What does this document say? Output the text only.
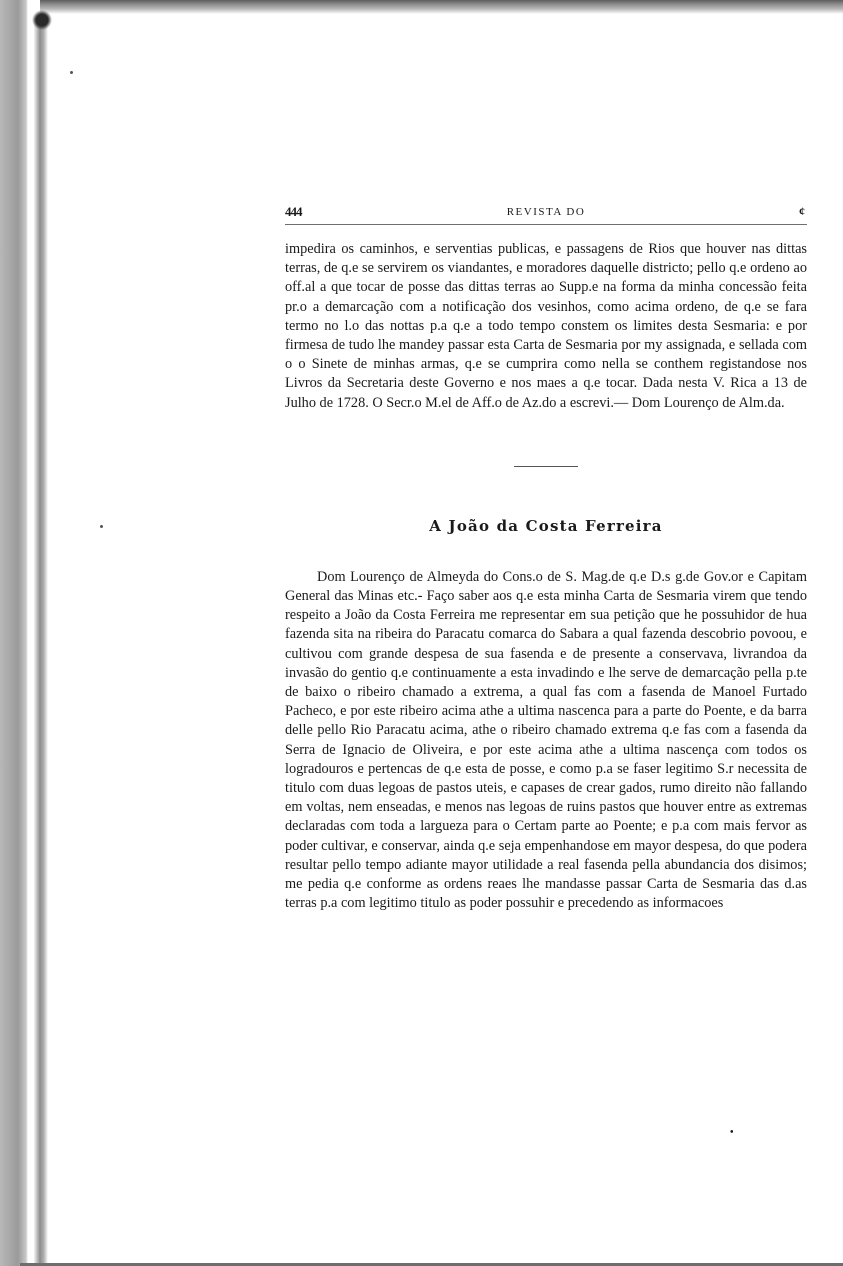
444	REVISTA DO	¢

impedira os caminhos, e serventias publicas, e passagens de Rios que houver nas dittas terras, de q.e se servirem os viandantes, e moradores daquelle districto; pello q.e ordeno ao off.al a que tocar de posse das dittas terras ao Supp.e na forma da minha concessão feita pr.o a demarcação com a notificação dos vesinhos, como acima ordeno, de q.e se fara termo no l.o das nottas p.a q.e a todo tempo constem os limites desta Sesmaria: e por firmesa de tudo lhe mandey passar esta Carta de Sesmaria por my assignada, e sellada com o o Sinete de minhas armas, q.e se cumprira como nella se conthem registandose nos Livros da Secretaria deste Governo e nos maes a q.e tocar. Dada nesta V. Rica a 13 de Julho de 1728. O Secr.o M.el de Aff.o de Az.do a escrevi.— Dom Lourenço de Alm.da.

A João da Costa Ferreira

Dom Lourenço de Almeyda do Cons.o de S. Mag.de q.e D.s g.de Gov.or e Capitam General das Minas etc.- Faço saber aos q.e esta minha Carta de Sesmaria virem que tendo respeito a João da Costa Ferreira me representar em sua petição que he possuhidor de hua fazenda sita na ribeira do Paracatu comarca do Sabara a qual fazenda descobrio povoou, e cultivou com grande despesa de sua fasenda e de presente a conservava, livrandoa da invasão do gentio q.e continuamente a esta invadindo e lhe serve de demarcação pella p.te de baixo o ribeiro chamado a extrema, a qual fas com a fasenda de Manoel Furtado Pacheco, e por este ribeiro acima athe a ultima nascenca para a parte do Poente, e da barra delle pello Rio Paracatu acima, athe o ribeiro chamado extrema q.e fas com a fasenda da Serra de Ignacio de Oliveira, e por este acima athe a ultima nascença com todos os logradouros e pertencas de q.e esta de posse, e como p.a se faser legitimo S.r necessita de titulo com duas legoas de pastos uteis, e capases de crear gados, rumo direito não fallando em voltas, nem enseadas, e menos nas legoas de ruins pastos que houver entre as extremas declaradas com toda a largueza para o Certam parte ao Poente; e p.a com mais fervor as poder cultivar, e conservar, ainda q.e seja empenhandose em mayor despesa, do que podera resultar pello tempo adiante mayor utilidade a real fasenda pella abundancia dos disimos; me pedia q.e conforme as ordens reaes lhe mandasse passar Carta de Sesmaria das d.as terras p.a com legitimo titulo as poder possuhir e precedendo as informacoes

•
